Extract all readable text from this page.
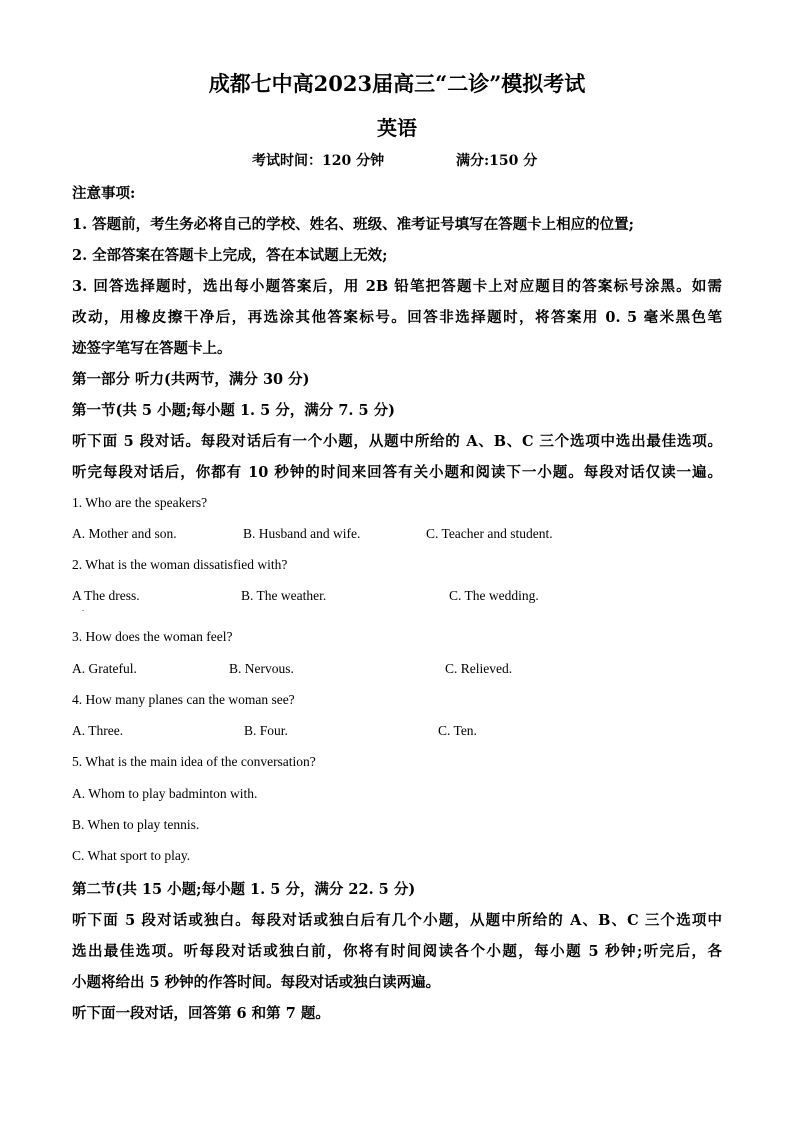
成都七中高2023届高三“二诊”模拟考试
英语
考试时间：120 分钟	满分:150 分
注意事项:
1. 答题前，考生务必将自己的学校、姓名、班级、准考证号填写在答题卡上相应的位置;
2. 全部答案在答题卡上完成，答在本试题上无效;
3. 回答选择题时，选出每小题答案后，用 2B 铅笔把答题卡上对应题目的答案标号涂黑。如需
改动，用橡皮擦干净后，再选涂其他答案标号。回答非选择题时，将答案用 0. 5 毫米黑色笔
迹签字笔写在答题卡上。
第一部分 听力(共两节，满分 30 分)
第一节(共 5 小题;每小题 1. 5 分，满分 7. 5 分)
听下面 5 段对话。每段对话后有一个小题，从题中所给的 A、B、C 三个选项中选出最佳选项。
听完每段对话后，你都有 10 秒钟的时间来回答有关小题和阅读下一小题。每段对话仅读一遍。
1. Who are the speakers?
A. Mother and son.	B. Husband and wife.	C. Teacher and student.
2. What is the woman dissatisfied with?
A The dress.	B. The weather.	C. The wedding.
.
3. How does the woman feel?
A. Grateful.	B. Nervous.	C. Relieved.
4. How many planes can the woman see?
A. Three.	B. Four.	C. Ten.
5. What is the main idea of the conversation?
A. Whom to play badminton with.
B. When to play tennis.
C. What sport to play.
第二节(共 15 小题;每小题 1. 5 分，满分 22. 5 分)
听下面 5 段对话或独白。每段对话或独白后有几个小题，从题中所给的 A、B、C 三个选项中
选出最佳选项。听每段对话或独白前，你将有时间阅读各个小题，每小题 5 秒钟;听完后，各
小题将给出 5 秒钟的作答时间。每段对话或独白读两遍。
听下面一段对话，回答第 6 和第 7 题。
